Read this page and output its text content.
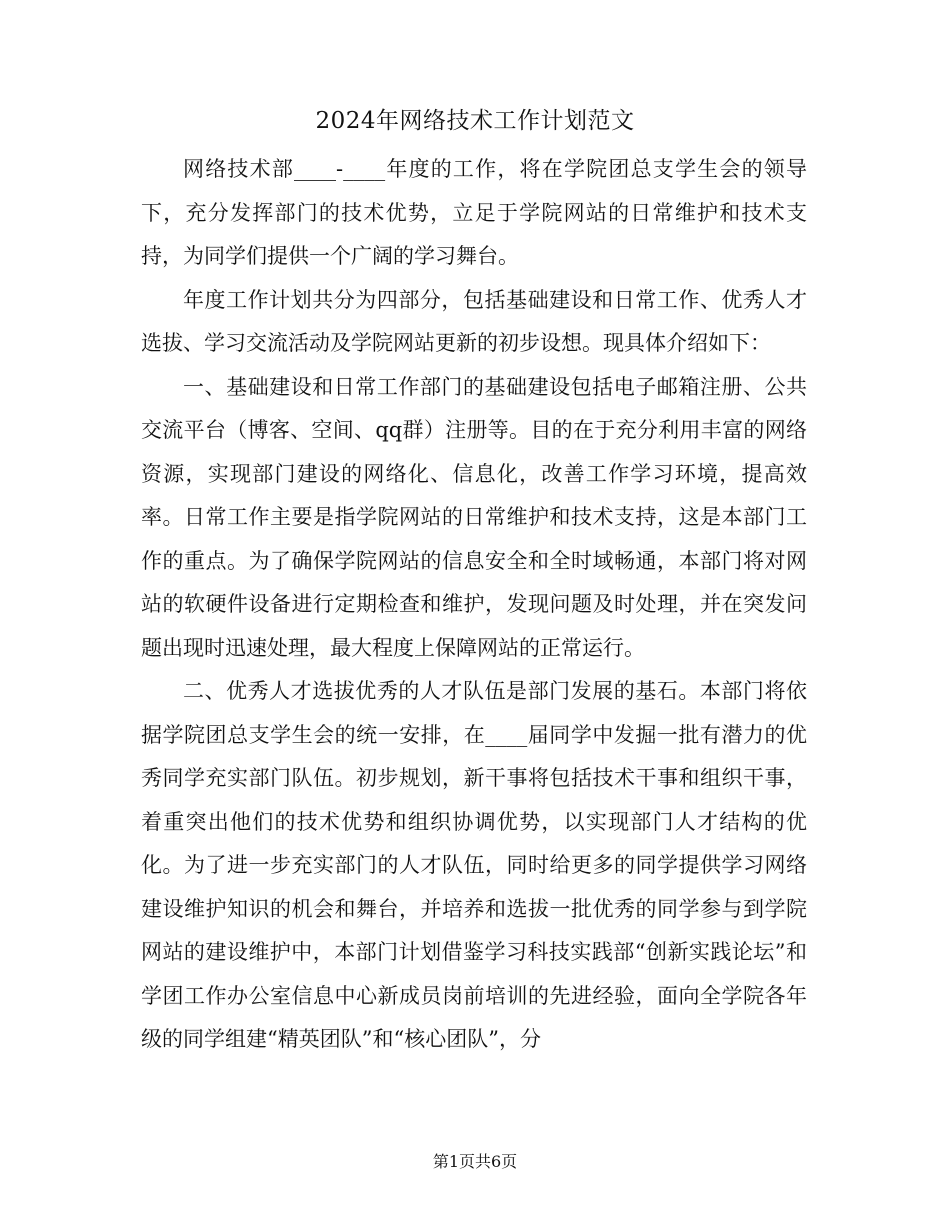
2024年网络技术工作计划范文

网络技术部____-____年度的工作，将在学院团总支学生会的领导下，充分发挥部门的技术优势，立足于学院网站的日常维护和技术支持，为同学们提供一个广阔的学习舞台。

年度工作计划共分为四部分，包括基础建设和日常工作、优秀人才选拔、学习交流活动及学院网站更新的初步设想。现具体介绍如下：

一、基础建设和日常工作部门的基础建设包括电子邮箱注册、公共交流平台（博客、空间、qq群）注册等。目的在于充分利用丰富的网络资源，实现部门建设的网络化、信息化，改善工作学习环境，提高效率。日常工作主要是指学院网站的日常维护和技术支持，这是本部门工作的重点。为了确保学院网站的信息安全和全时域畅通，本部门将对网站的软硬件设备进行定期检查和维护，发现问题及时处理，并在突发问题出现时迅速处理，最大程度上保障网站的正常运行。

二、优秀人才选拔优秀的人才队伍是部门发展的基石。本部门将依据学院团总支学生会的统一安排，在____届同学中发掘一批有潜力的优秀同学充实部门队伍。初步规划，新干事将包括技术干事和组织干事，着重突出他们的技术优势和组织协调优势，以实现部门人才结构的优化。为了进一步充实部门的人才队伍，同时给更多的同学提供学习网络建设维护知识的机会和舞台，并培养和选拔一批优秀的同学参与到学院网站的建设维护中，本部门计划借鉴学习科技实践部“创新实践论坛”和学团工作办公室信息中心新成员岗前培训的先进经验，面向全学院各年级的同学组建“精英团队”和“核心团队”，分

第1页共6页
